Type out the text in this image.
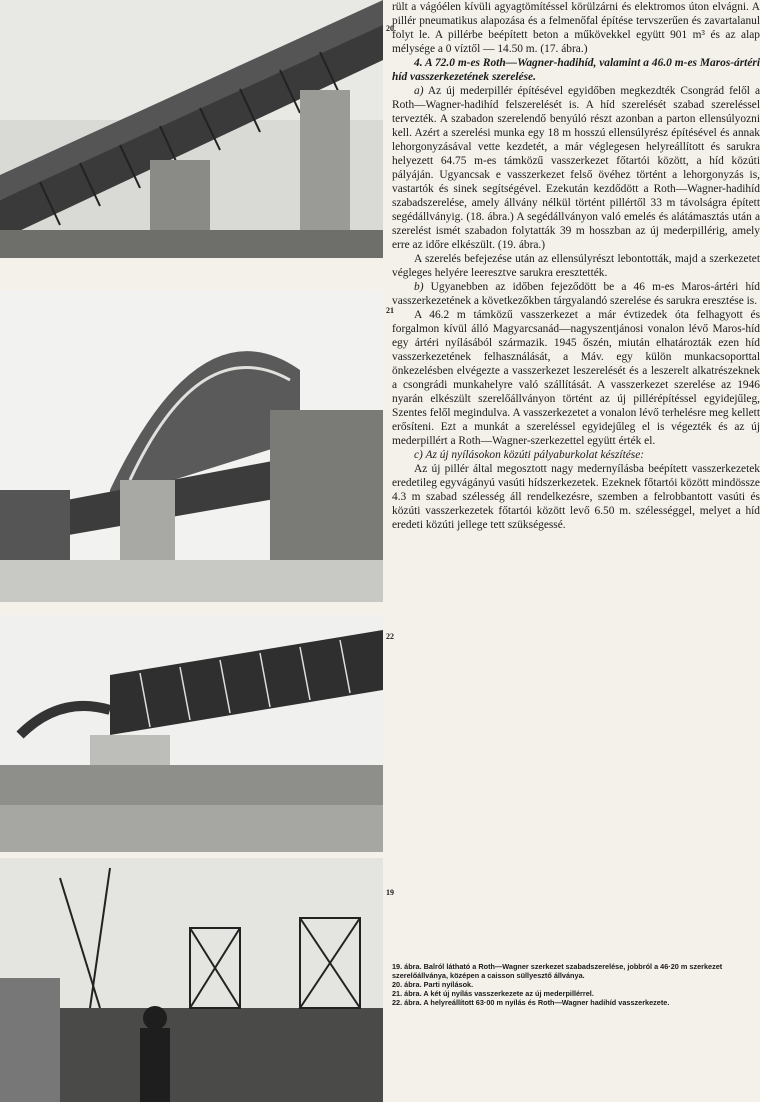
20
21
22
19

rült a vágóélen kívüli agyagtömítéssel körülzárni és elektromos úton elvágni. A pillér pneumatikus alapozása és a felmenőfal építése tervszerűen és zavartalanul folyt le. A pillérbe beépített beton a műkövekkel együtt 901 m³ és az alap mélysége a 0 víztől — 14.50 m. (17. ábra.)

4. A 72.0 m-es Roth—Wagner-hadihíd, valamint a 46.0 m-es Maros-ártéri híd vasszerkezetének szerelése.

a) Az új mederpillér építésével egyidőben megkezdték Csongrád felől a Roth—Wagner-hadihíd felszerelését is. A híd szerelését szabad szereléssel tervezték. A szabadon szerelendő benyúló részt azonban a parton ellensúlyozni kell. Azért a szerelési munka egy 18 m hosszú ellensúlyrész építésével és annak lehorgonyzásával vette kezdetét, a már véglegesen helyreállított és sarukra helyezett 64.75 m-es támközű vasszerkezet főtartói között, a híd közúti pályáján. Ugyancsak e vasszerkezet felső övéhez történt a lehorgonyzás is, vastartók és sinek segítségével. Ezekután kezdődött a Roth—Wagner-hadihíd szabadszerelése, amely állvány nélkül történt pillértől 33 m távolságra épített segédállványig. (18. ábra.) A segédállványon való emelés és alátámasztás után a szerelést ismét szabadon folytatták 39 m hosszban az új mederpillérig, amely erre az időre elkészült. (19. ábra.)

A szerelés befejezése után az ellensúlyrészt lebontották, majd a szerkezetet végleges helyére leeresztve sarukra eresztették.

b) Ugyanebben az időben fejeződött be a 46 m-es Maros-ártéri híd vasszerkezetének a következőkben tárgyalandó szerelése és sarukra eresztése is.

A 46.2 m támközű vasszerkezet a már évtizedek óta felhagyott és forgalmon kívül álló Magyarcsanád—nagyszentjánosi vonalon lévő Maros-híd egy ártéri nyílásából származik. 1945 őszén, miután elhatározták ezen híd vasszerkezetének felhasználását, a Máv. egy külön munkacsoporttal önkezelésben elvégezte a vasszerkezet leszerelését és a leszerelt alkatrészeknek a csongrádi munkahelyre való szállítását. A vasszerkezet szerelése az 1946 nyarán elkészült szerelőállványon történt az új pillérépítéssel egyidejűleg, Szentes felől megindulva. A vasszerkezetet a vonalon lévő terhelésre meg kellett erősíteni. Ezt a munkát a szereléssel egyidejűleg el is végezték és az új mederpillért a Roth—Wagner-szerkezettel együtt érték el.

c) Az új nyílásokon közúti pályaburkolat készítése:

Az új pillér által megosztott nagy medernyílásba beépített vasszerkezetek eredetileg egyvágányú vasúti hídszerkezetek. Ezeknek főtartói között mindössze 4.3 m szabad szélesség áll rendelkezésre, szemben a felrobbantott vasúti és közúti vasszerkezetek főtartói között levő 6.50 m. szélességgel, melyet a híd eredeti közúti jellege tett szükségessé.

19. ábra. Balról látható a Roth—Wagner szerkezet szabadszerelése, jobbról a 46·20 m szerkezet szerelőállványa, középen a caisson süllyesztő állványa.
20. ábra. Parti nyílások.
21. ábra. A két új nyílás vasszerkezete az új mederpillérrel.
22. ábra. A helyreállított 63·00 m nyílás és Roth—Wagner hadihíd vasszerkezete.
